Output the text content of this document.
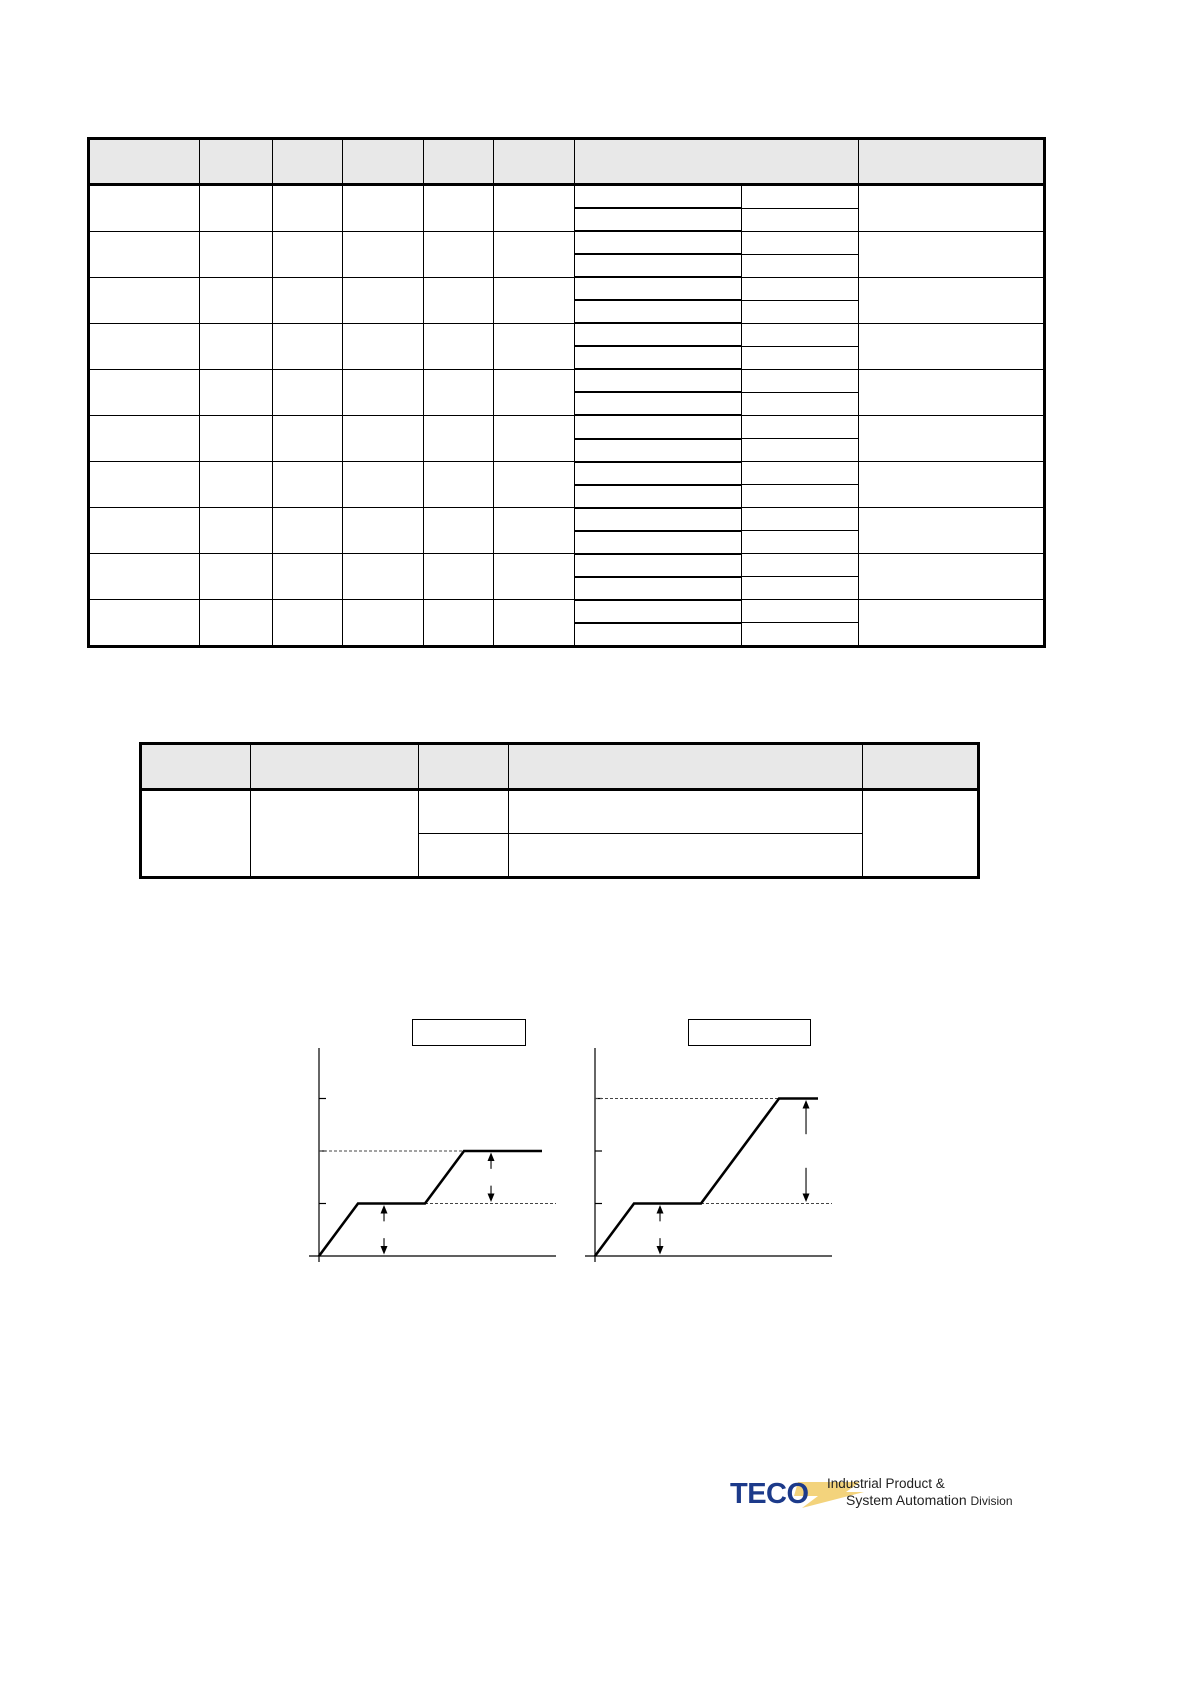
TECO Industrial Product &
System Automation Division
